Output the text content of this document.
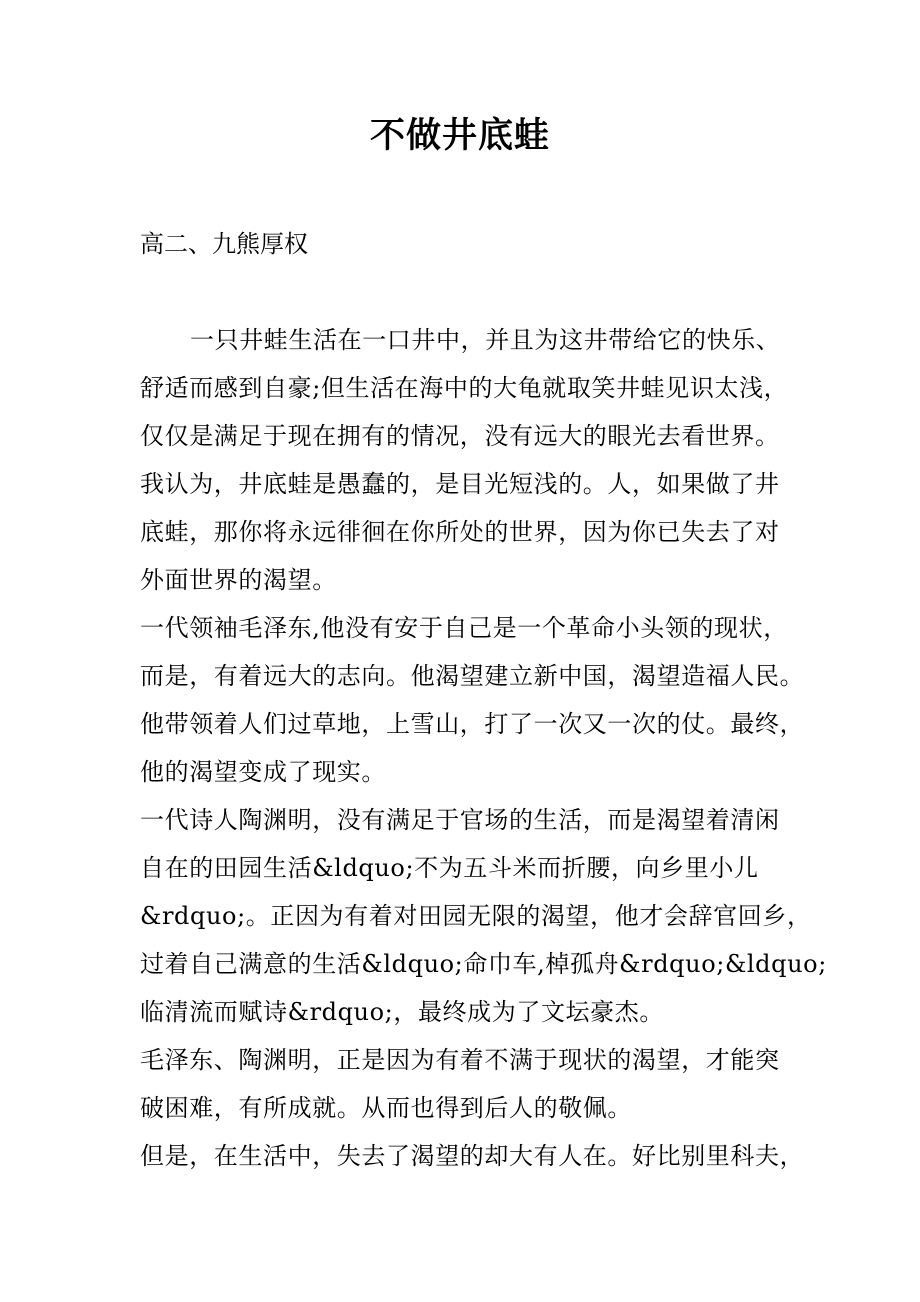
不做井底蛙
高二、九熊厚权
一只井蛙生活在一口井中，并且为这井带给它的快乐、
舒适而感到自豪;但生活在海中的大龟就取笑井蛙见识太浅，
仅仅是满足于现在拥有的情况，没有远大的眼光去看世界。
我认为，井底蛙是愚蠢的，是目光短浅的。人，如果做了井
底蛙，那你将永远徘徊在你所处的世界，因为你已失去了对
外面世界的渴望。
一代领袖毛泽东,他没有安于自己是一个革命小头领的现状，
而是，有着远大的志向。他渴望建立新中国，渴望造福人民。
他带领着人们过草地，上雪山，打了一次又一次的仗。最终，
他的渴望变成了现实。
一代诗人陶渊明，没有满足于官场的生活，而是渴望着清闲
自在的田园生活&ldquo;不为五斗米而折腰，向乡里小儿
&rdquo;。正因为有着对田园无限的渴望，他才会辞官回乡，
过着自己满意的生活&ldquo;命巾车,棹孤舟&rdquo;&ldquo;
临清流而赋诗&rdquo;，最终成为了文坛豪杰。
毛泽东、陶渊明，正是因为有着不满于现状的渴望，才能突
破困难，有所成就。从而也得到后人的敬佩。
但是，在生活中，失去了渴望的却大有人在。好比别里科夫，
